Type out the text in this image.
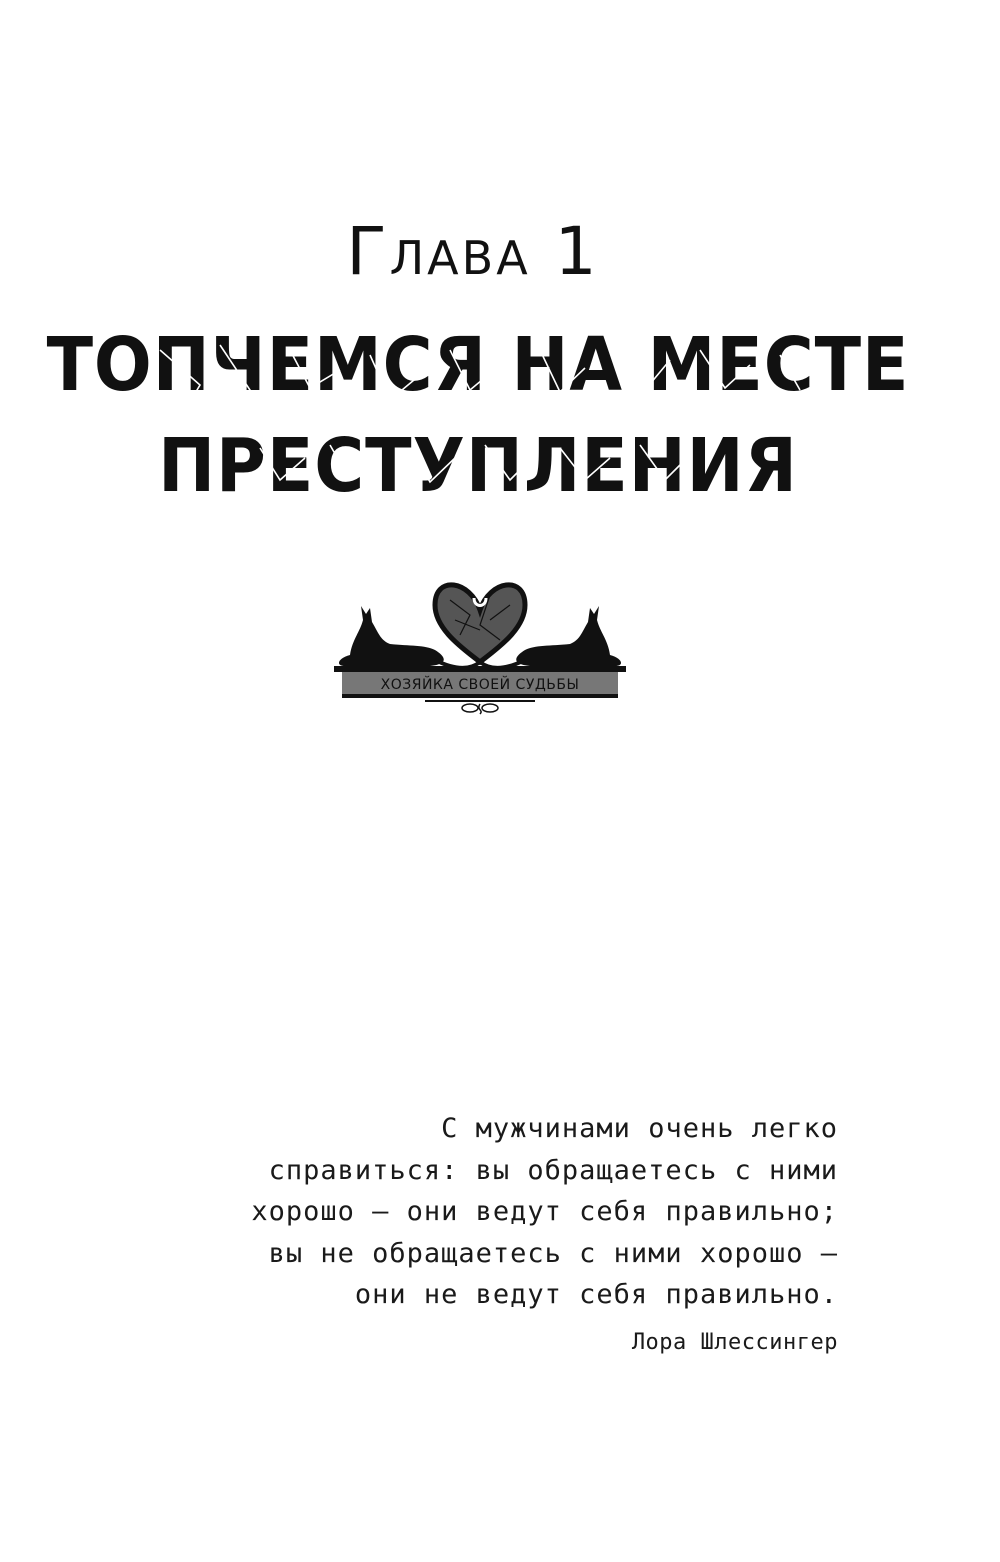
Глава 1
ТОПЧЕМСЯ НА МЕСТЕ
ПРЕСТУПЛЕНИЯ
ХОЗЯЙКА СВОЕЙ СУДЬБЫ
С мужчинами очень легко
справиться: вы обращаетесь с ними
хорошо – они ведут себя правильно;
вы не обращаетесь с ними хорошо –
они не ведут себя правильно.
Лора Шлессингер
